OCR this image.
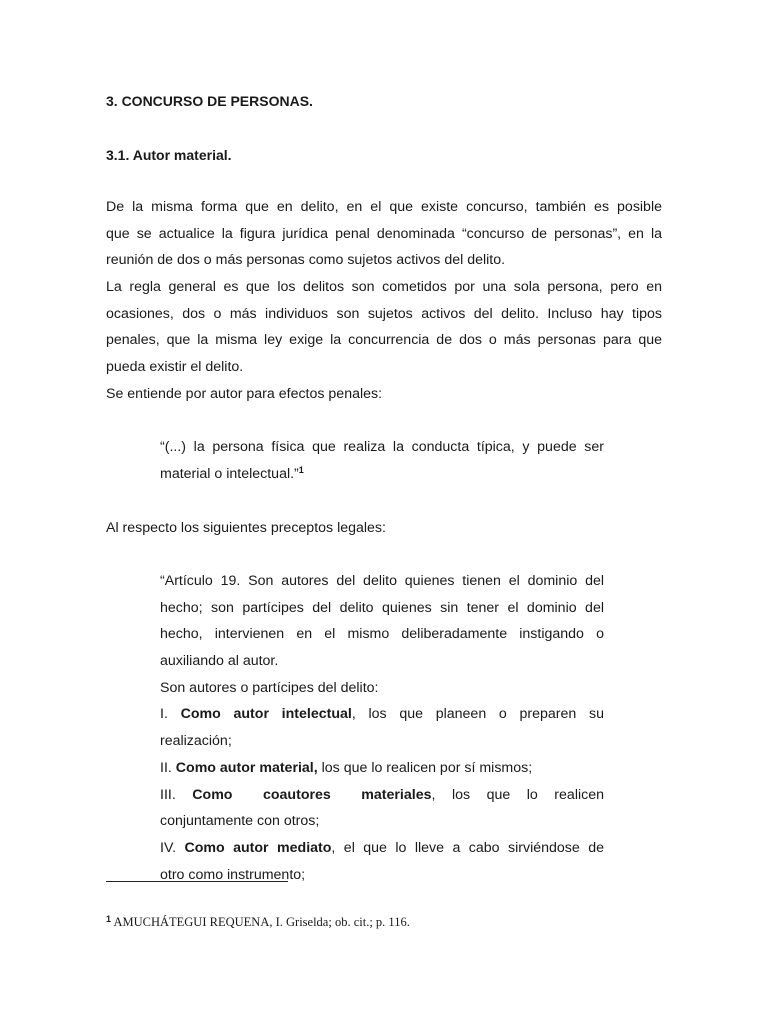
3. CONCURSO DE PERSONAS.
3.1. Autor material.
De la misma forma que en delito, en el que existe concurso, también es posible
que se actualice la figura jurídica penal denominada “concurso de personas”, en la
reunión de dos o más personas como sujetos activos del delito.
La regla general es que los delitos son cometidos por una sola persona, pero en
ocasiones, dos o más individuos son sujetos activos del delito. Incluso hay tipos
penales, que la misma ley exige la concurrencia de dos o más personas para que
pueda existir el delito.
Se entiende por autor para efectos penales:
“(...) la persona física que realiza la conducta típica, y puede ser
material o intelectual.”$^1$
Al respecto los siguientes preceptos legales:
“Artículo 19. Son autores del delito quienes tienen el dominio del
hecho; son partícipes del delito quienes sin tener el dominio del
hecho, intervienen en el mismo deliberadamente instigando o
auxiliando al autor.
Son autores o partícipes del delito:
I. Como autor intelectual, los que planeen o preparen su
realización;
II. Como autor material, los que lo realicen por sí mismos;
III. Como coautores materiales, los que lo realicen
conjuntamente con otros;
IV. Como autor mediato, el que lo lleve a cabo sirviéndose de
otro como instrumento;
$^1$ AMUCHÁTEGUI REQUENA, I. Griselda; ob. cit.; p. 116.
